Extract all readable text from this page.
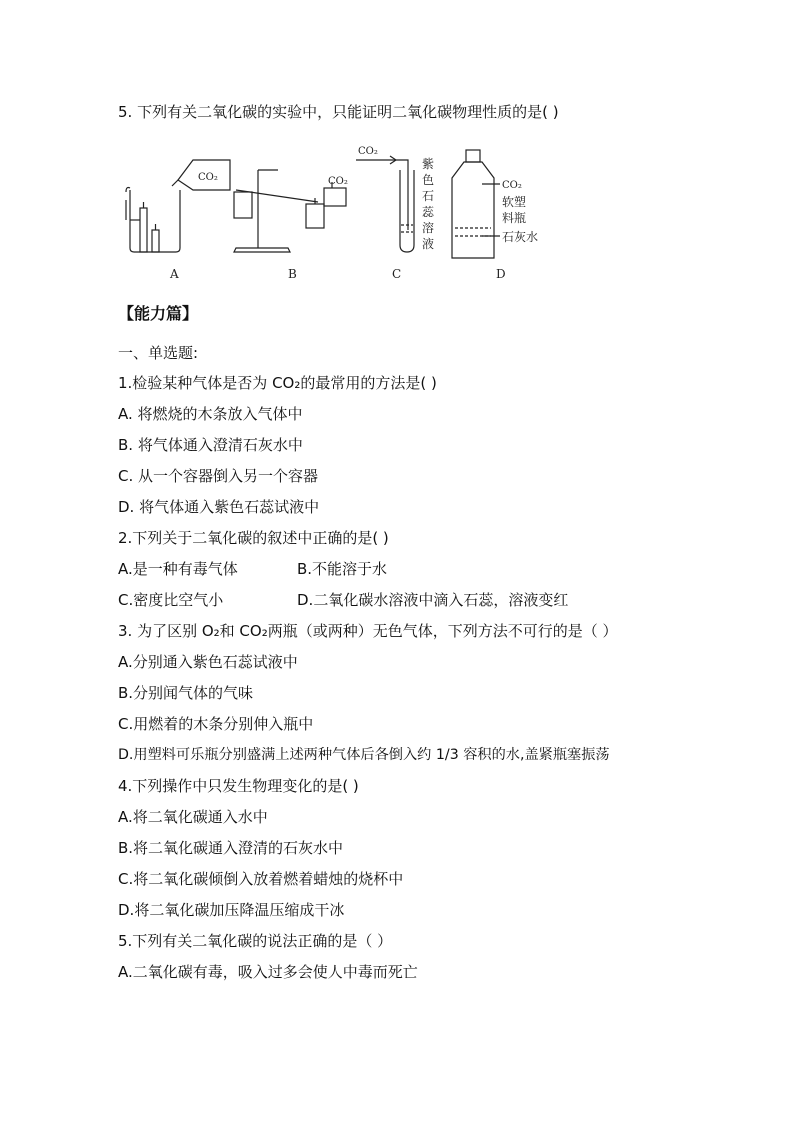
5. 下列有关二氧化碳的实验中，只能证明二氧化碳物理性质的是( )
CO₂	CO₂
CO₂
紫
色
石
蕊
溶
液
CO₂
软塑
料瓶
石灰水
A	B	C	D
【能力篇】
一、单选题:
1.检验某种气体是否为 CO₂的最常用的方法是( )
A. 将燃烧的木条放入气体中
B. 将气体通入澄清石灰水中
C. 从一个容器倒入另一个容器
D. 将气体通入紫色石蕊试液中
2.下列关于二氧化碳的叙述中正确的是( )
A.是一种有毒气体	B.不能溶于水
C.密度比空气小	D.二氧化碳水溶液中滴入石蕊，溶液变红
3. 为了区别 O₂和 CO₂两瓶（或两种）无色气体，下列方法不可行的是（ ）
A.分别通入紫色石蕊试液中
B.分别闻气体的气味
C.用燃着的木条分别伸入瓶中
D.用塑料可乐瓶分别盛满上述两种气体后各倒入约 1/3 容积的水,盖紧瓶塞振荡
4.下列操作中只发生物理变化的是( )
A.将二氧化碳通入水中
B.将二氧化碳通入澄清的石灰水中
C.将二氧化碳倾倒入放着燃着蜡烛的烧杯中
D.将二氧化碳加压降温压缩成干冰
5.下列有关二氧化碳的说法正确的是（ ）
A.二氧化碳有毒，吸入过多会使人中毒而死亡
